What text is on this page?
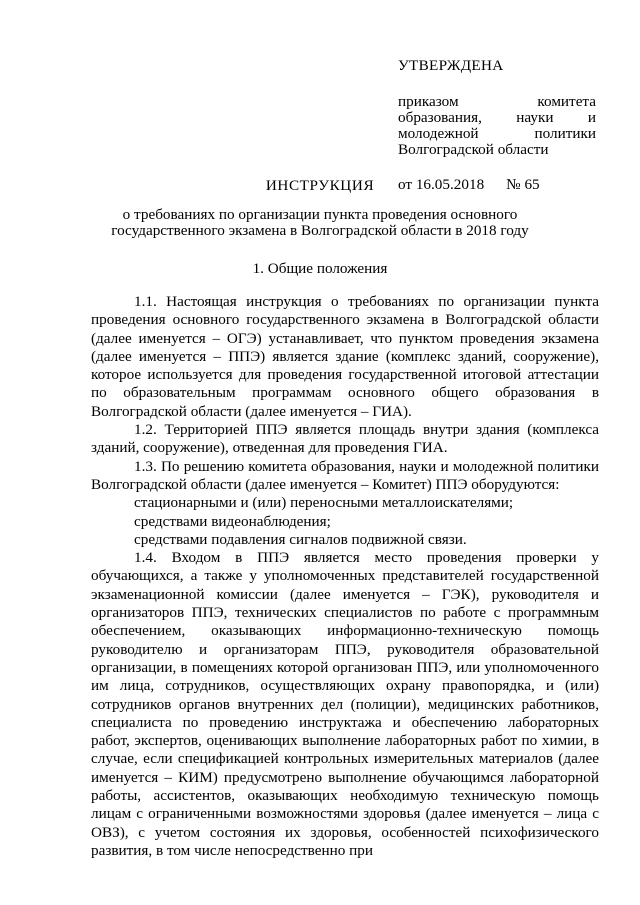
УТВЕРЖДЕНА
приказом комитета
образования, науки и
молодежной политики
Волгоградской области
от 16.05.2018 № 65
ИНСТРУКЦИЯ
о требованиях по организации пункта проведения основного
государственного экзамена в Волгоградской области в 2018 году
1. Общие положения

1.1. Настоящая инструкция о требованиях по организации пункта проведения основного государственного экзамена в Волгоградской области (далее именуется – ОГЭ) устанавливает, что пунктом проведения экзамена (далее именуется – ППЭ) является здание (комплекс зданий, сооружение), которое используется для проведения государственной итоговой аттестации по образовательным программам основного общего образования в Волгоградской области (далее именуется – ГИА).

1.2. Территорией ППЭ является площадь внутри здания (комплекса зданий, сооружение), отведенная для проведения ГИА.

1.3. По решению комитета образования, науки и молодежной политики Волгоградской области (далее именуется – Комитет) ППЭ оборудуются:

стационарными и (или) переносными металлоискателями;

средствами видеонаблюдения;

средствами подавления сигналов подвижной связи.

1.4. Входом в ППЭ является место проведения проверки у обучающихся, а также у уполномоченных представителей государственной экзаменационной комиссии (далее именуется – ГЭК), руководителя и организаторов ППЭ, технических специалистов по работе с программным обеспечением, оказывающих информационно-техническую помощь руководителю и организаторам ППЭ, руководителя образовательной организации, в помещениях которой организован ППЭ, или уполномоченного им лица, сотрудников, осуществляющих охрану правопорядка, и (или) сотрудников органов внутренних дел (полиции), медицинских работников, специалиста по проведению инструктажа и обеспечению лабораторных работ, экспертов, оценивающих выполнение лабораторных работ по химии, в случае, если спецификацией контрольных измерительных материалов (далее именуется – КИМ) предусмотрено выполнение обучающимся лабораторной работы, ассистентов, оказывающих необходимую техническую помощь лицам с ограниченными возможностями здоровья (далее именуется – лица с ОВЗ), с учетом состояния их здоровья, особенностей психофизического развития, в том числе непосредственно при
